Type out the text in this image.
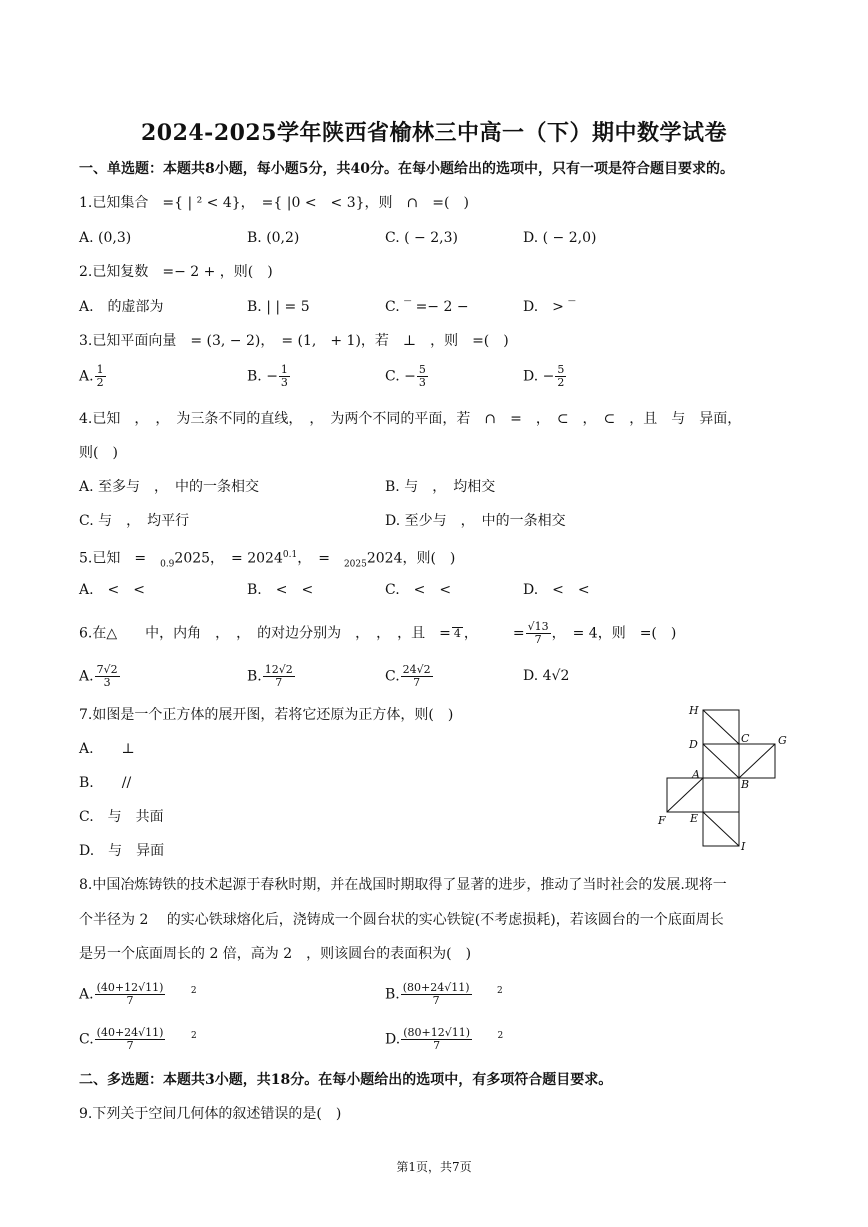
2024-2025学年陕西省榆林三中高一（下）期中数学试卷
一、单选题：本题共8小题，每小题5分，共40分。在每小题给出的选项中，只有一项是符合题目要求的。
1.已知集合　={ | ² < 4}，　={ |0 <　< 3}，则　∩　=(　)
A. (0,3)	B. (0,2)	C. ( − 2,3)	D. ( − 2,0)
2.已知复数　=− 2 + ，则(　)
A.　的虚部为	B. | | = 5	C. ‾ =− 2 −	D.　> ‾
3.已知平面向量　= (3, − 2)，　= (1,　+ 1)，若　⊥　，则　=(　)
A. $\frac{1}{2}$	B. − $\frac{1}{3}$	C. − $\frac{5}{3}$	D. − $\frac{5}{2}$
4.已知　，　，　为三条不同的直线，　，　为两个不同的平面，若　∩　=　，　⊂　，　⊂　，且　与　异面，
则(　)
A. 至多与　，　中的一条相交	B. 与　，　均相交
C. 与　，　均平行	D. 至少与　，　中的一条相交
5.已知　=　$_{0.9}$2025，　= $2024^{0.1}$，　=　$_{2025}$2024，则(　)
A.　<　<	B.　<　<	C.　<　<	D.　<　<
6.在△　　中，内角　，　，　的对边分别为　，　，　，且　= 4 ，　　　= $\frac{√13}{7}$ ，　= 4，则　=(　)
A. $\frac{7√2}{3}$	B. $\frac{12√2}{7}$	C. $\frac{24√2}{7}$	D. 4√2
7.如图是一个正方体的展开图，若将它还原为正方体，则(　)
A.　　⊥
B.　　//
C.　与　共面
D.　与　异面
H
D	C	G
A
B
F E
I
8.中国冶炼铸铁的技术起源于春秋时期，并在战国时期取得了显著的进步，推动了当时社会的发展.现将一
个半径为 2　 的实心铁球熔化后，浇铸成一个圆台状的实心铁锭(不考虑损耗)，若该圆台的一个底面周长
是另一个底面周长的 2 倍，高为 2　，则该圆台的表面积为(　)
A. $\frac{(40+12√11)}{7}$	$^2$	B. $\frac{(80+24√11)}{7}$	$^2$
C. $\frac{(40+24√11)}{7}$	$^2$	D. $\frac{(80+12√11)}{7}$	$^2$
二、多选题：本题共3小题，共18分。在每小题给出的选项中，有多项符合题目要求。
9.下列关于空间几何体的叙述错误的是(　)
第1页，共7页
